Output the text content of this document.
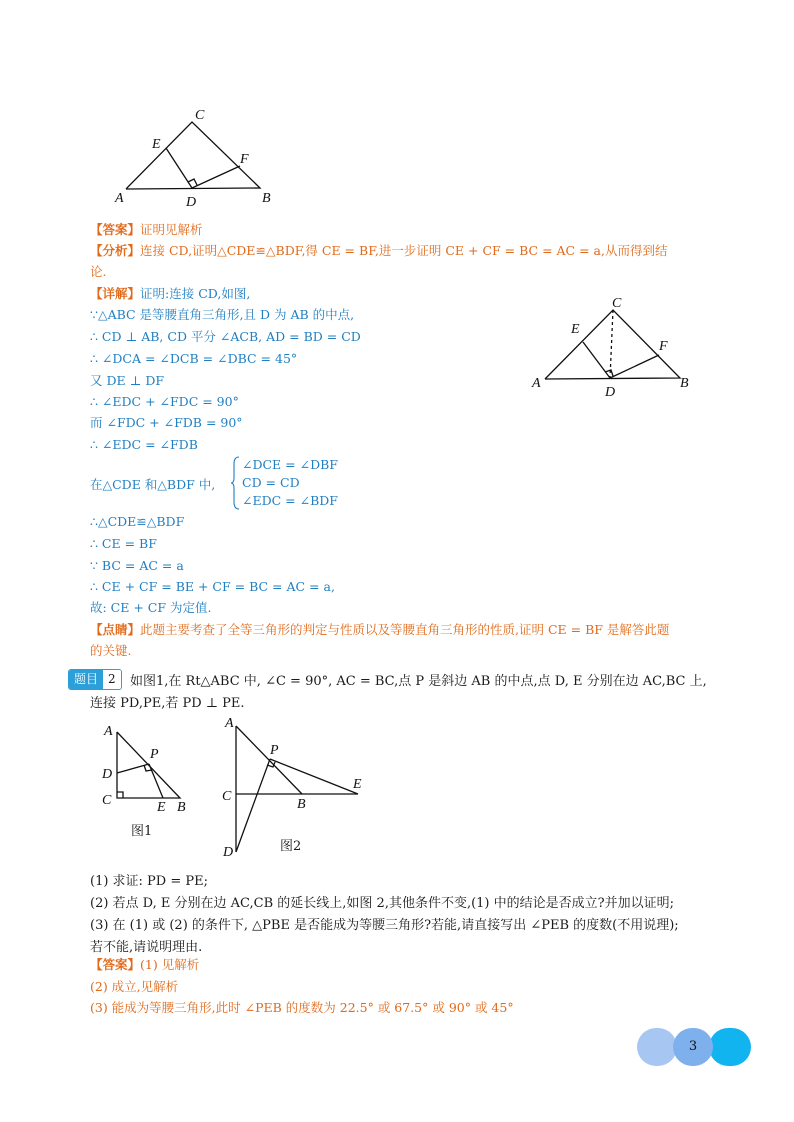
C
E
F
A	D	B
C
E
F
A
D
B
【答案】证明见解析
【分析】连接 CD,证明△CDE≌△BDF,得 CE = BF,进一步证明 CE + CF = BC = AC = a,从而得到结
论.
【详解】证明:连接 CD,如图,
∵△ABC 是等腰直角三角形,且 D 为 AB 的中点,
∴ CD ⊥ AB, CD 平分 ∠ACB, AD = BD = CD
∴ ∠DCA = ∠DCB = ∠DBC = 45°
又 DE ⊥ DF
∴ ∠EDC + ∠FDC = 90°
而 ∠FDC + ∠FDB = 90°
∴ ∠EDC = ∠FDB
在△CDE 和△BDF 中,
∠DCE = ∠DBF
CD = CD
∠EDC = ∠BDF
∴△CDE≌△BDF
∴ CE = BF
∵ BC = AC = a
∴ CE + CF = BE + CF = BC = AC = a,
故: CE + CF 为定值.
【点睛】此题主要考查了全等三角形的判定与性质以及等腰直角三角形的性质,证明 CE = BF 是解答此题
的关键.
题目 2	如图1,在 Rt△ABC 中, ∠C = 90°, AC = BC,点 P 是斜边 AB 的中点,点 D, E 分别在边 AC,BC 上,
连接 PD,PE,若 PD ⊥ PE.
A
P
D
C	E B
图1
A
P
C
B
E
D	图2
(1) 求证: PD = PE;
(2) 若点 D, E 分别在边 AC,CB 的延长线上,如图 2,其他条件不变,(1) 中的结论是否成立?并加以证明;
(3) 在 (1) 或 (2) 的条件下, △PBE 是否能成为等腰三角形?若能,请直接写出 ∠PEB 的度数(不用说理);
若不能,请说明理由.
【答案】(1) 见解析
(2) 成立,见解析
(3) 能成为等腰三角形,此时 ∠PEB 的度数为 22.5° 或 67.5° 或 90° 或 45°
3
